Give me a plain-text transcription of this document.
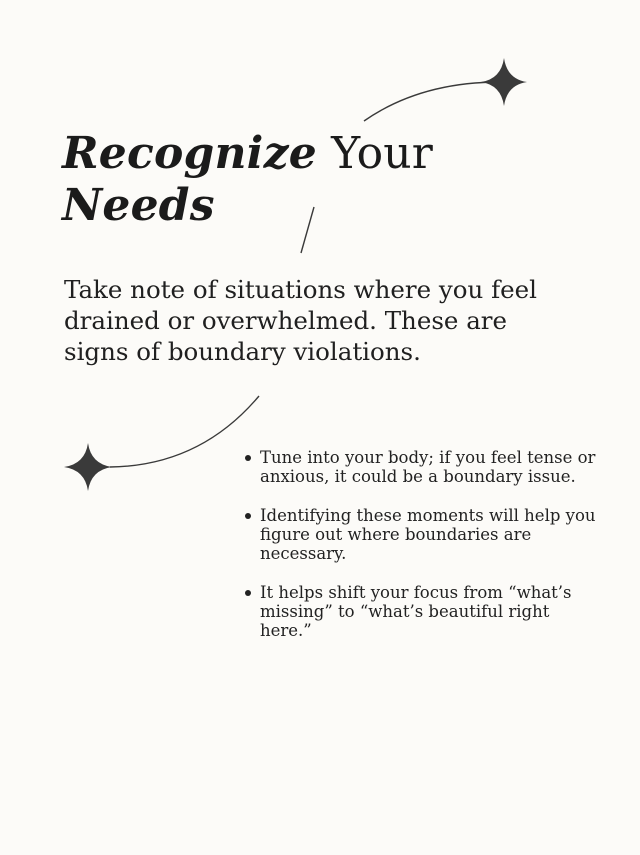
Recognize Your
Needs

Take note of situations where you feel drained or overwhelmed. These are signs of boundary violations.

Tune into your body; if you feel tense or anxious, it could be a boundary issue.
Identifying these moments will help you figure out where boundaries are necessary.
It helps shift your focus from “what’s missing” to “what’s beautiful right here.”
